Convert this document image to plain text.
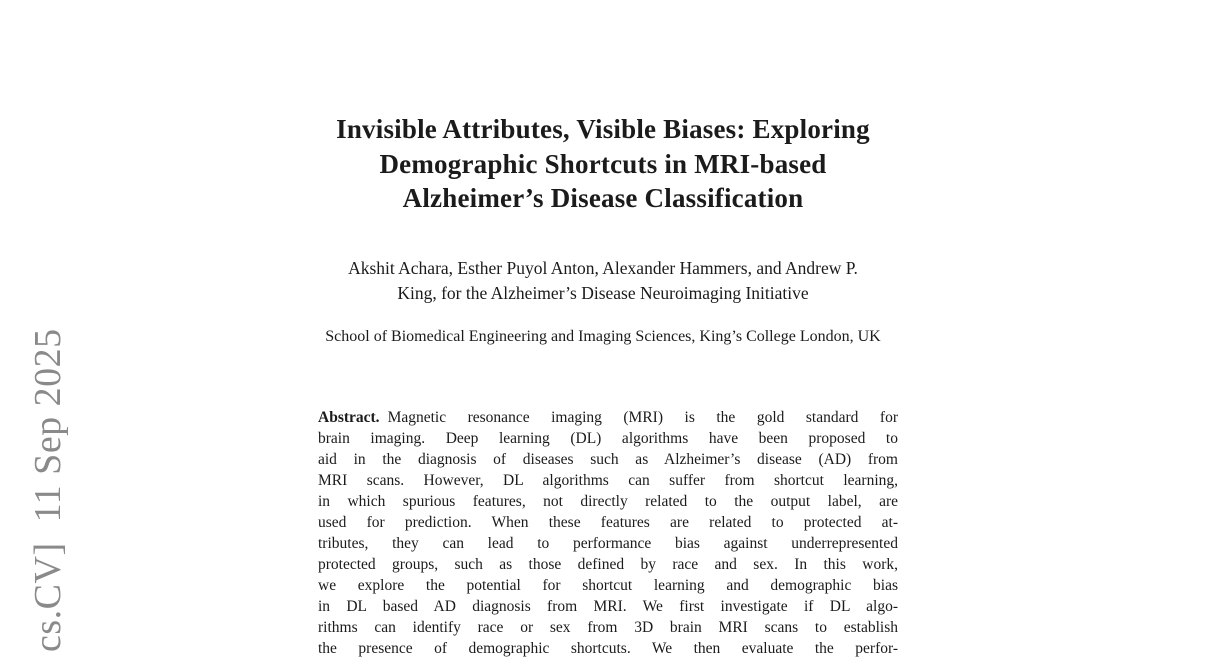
cs.CV]  11 Sep 2025
Invisible Attributes, Visible Biases: Exploring
Demographic Shortcuts in MRI-based
Alzheimer’s Disease Classification
Akshit Achara, Esther Puyol Anton, Alexander Hammers, and Andrew P.
King, for the Alzheimer’s Disease Neuroimaging Initiative
School of Biomedical Engineering and Imaging Sciences, King’s College London, UK
Abstract. Magnetic resonance imaging (MRI) is the gold standard for
brain imaging. Deep learning (DL) algorithms have been proposed to
aid in the diagnosis of diseases such as Alzheimer’s disease (AD) from
MRI scans. However, DL algorithms can suffer from shortcut learning,
in which spurious features, not directly related to the output label, are
used for prediction. When these features are related to protected at-
tributes, they can lead to performance bias against underrepresented
protected groups, such as those defined by race and sex. In this work,
we explore the potential for shortcut learning and demographic bias
in DL based AD diagnosis from MRI. We first investigate if DL algo-
rithms can identify race or sex from 3D brain MRI scans to establish
the presence of demographic shortcuts. We then evaluate the perfor-
